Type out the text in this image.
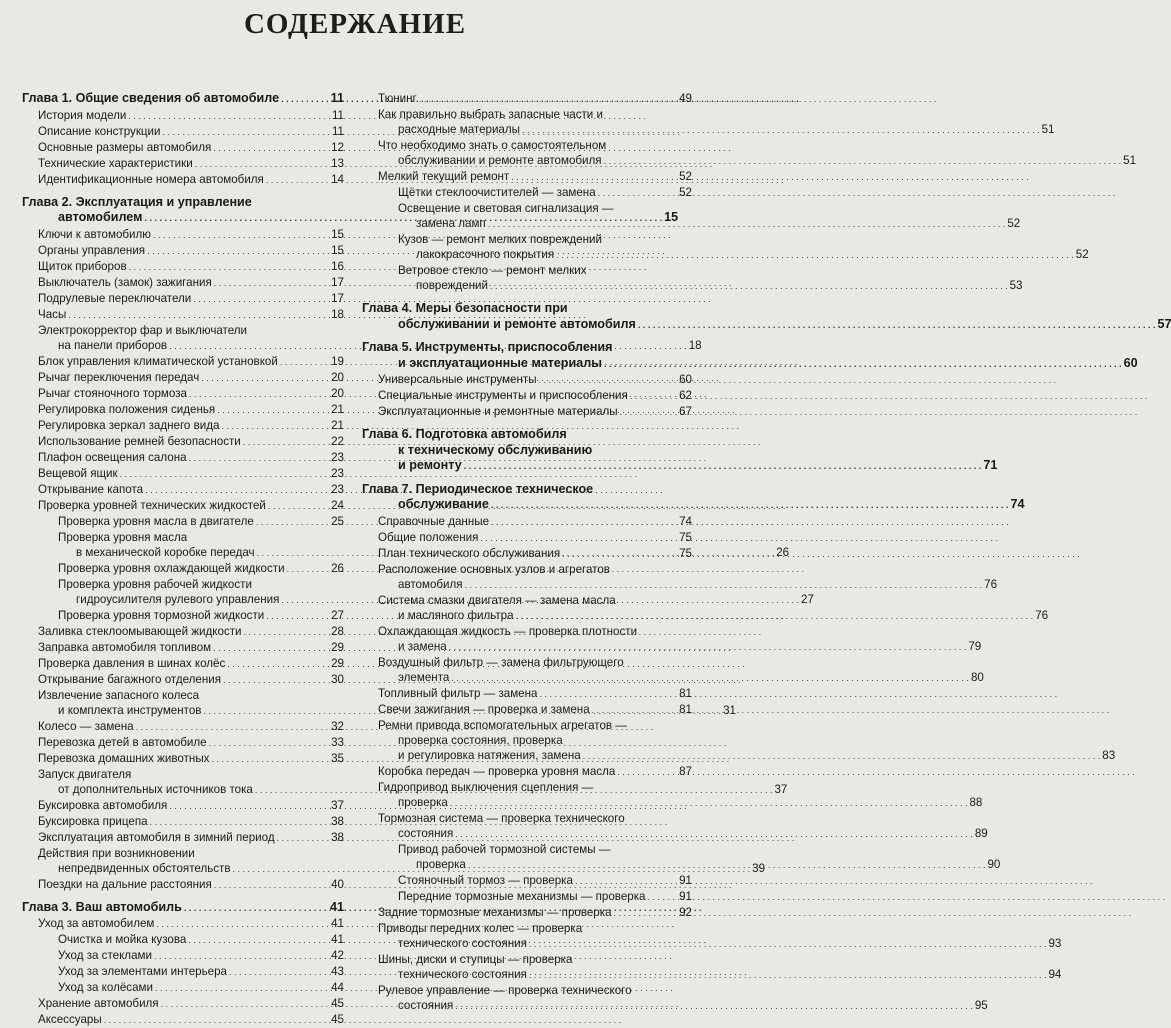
СОДЕРЖАНИЕ
Глава 1. Общие сведения об автомобиле . . .	11
История модели . . .	11
Описание конструкции . . .	11
Основные размеры автомобиля . . .	12
Технические характеристики . . .	13
Идентификационные номера автомобиля . . .	14
Глава 2. Эксплуатация и управление
автомобилем . . .	15
Ключи к автомобилю . . .	15
Органы управления . . .	15
Щиток приборов . . .	16
Выключатель (замок) зажигания . . .	17
Подрулевые переключатели . . .	17
Часы . . .	18
Электрокорректор фар и выключатели
на панели приборов . . .	18
Блок управления климатической установкой . . .	19
Рычаг переключения передач . . .	20
Рычаг стояночного тормоза . . .	20
Регулировка положения сиденья . . .	21
Регулировка зеркал заднего вида . . .	21
Использование ремней безопасности . . .	22
Плафон освещения салона . . .	23
Вещевой ящик . . .	23
Открывание капота . . .	23
Проверка уровней технических жидкостей . . .	24
Проверка уровня масла в двигателе . . .	25
Проверка уровня масла
в механической коробке передач . . .	26
Проверка уровня охлаждающей жидкости . . .	26
Проверка уровня рабочей жидкости
гидроусилителя рулевого управления . . .	27
Проверка уровня тормозной жидкости . . .	27
Заливка стеклоомывающей жидкости . . .	28
Заправка автомобиля топливом . . .	29
Проверка давления в шинах колёс . . .	29
Открывание багажного отделения . . .	30
Извлечение запасного колеса
и комплекта инструментов . . .	31
Колесо — замена . . .	32
Перевозка детей в автомобиле . . .	33
Перевозка домашних животных . . .	35
Запуск двигателя
от дополнительных источников тока . . .	37
Буксировка автомобиля . . .	37
Буксировка прицепа . . .	38
Эксплуатация автомобиля в зимний период . . .	38
Действия при возникновении
непредвиденных обстоятельств . . .	39
Поездки на дальние расстояния . . .	40
Глава 3. Ваш автомобиль . . .	41
Уход за автомобилем . . .	41
Очистка и мойка кузова . . .	41
Уход за стеклами . . .	42
Уход за элементами интерьера . . .	43
Уход за колёсами . . .	44
Хранение автомобиля . . .	45
Аксессуары . . .	45
Тюнинг . . .	49
Как правильно выбрать запасные части и
расходные материалы . . .	51
Что необходимо знать о самостоятельном
обслуживании и ремонте автомобиля . . .	51
Мелкий текущий ремонт . . .	52
Щётки стеклоочистителей — замена . . .	52
Освещение и световая сигнализация —
замена ламп . . .	52
Кузов — ремонт мелких повреждений
лакокрасочного покрытия . . .	52
Ветровое стекло — ремонт мелких
повреждений . . .	53
Глава 4. Меры безопасности при
обслуживании и ремонте автомобиля . . .	57
Глава 5. Инструменты, приспособления
и эксплуатационные материалы . . .	60
Универсальные инструменты . . .	60
Специальные инструменты и приспособления . . .	62
Эксплуатационные и ремонтные материалы . . .	67
Глава 6. Подготовка автомобиля
к техническому обслуживанию
и ремонту . . .	71
Глава 7. Периодическое техническое
обслуживание . . .	74
Справочные данные . . .	74
Общие положения . . .	75
План технического обслуживания . . .	75
Расположение основных узлов и агрегатов
автомобиля . . .	76
Система смазки двигателя — замена масла
и масляного фильтра . . .	76
Охлаждающая жидкость — проверка плотности
и замена . . .	79
Воздушный фильтр — замена фильтрующего
элемента . . .	80
Топливный фильтр — замена . . .	81
Свечи зажигания — проверка и замена . . .	81
Ремни привода вспомогательных агрегатов —
проверка состояния, проверка
и регулировка натяжения, замена . . .	83
Коробка передач — проверка уровня масла . . .	87
Гидропривод выключения сцепления —
проверка . . .	88
Тормозная система — проверка технического
состояния . . .	89
Привод рабочей тормозной системы —
проверка . . .	90
Стояночный тормоз — проверка . . .	91
Передние тормозные механизмы — проверка . . .	91
Задние тормозные механизмы — проверка . . .	92
Приводы передних колес — проверка
технического состояния . . .	93
Шины, диски и ступицы — проверка
технического состояния . . .	94
Рулевое управление — проверка технического
состояния . . .	95
